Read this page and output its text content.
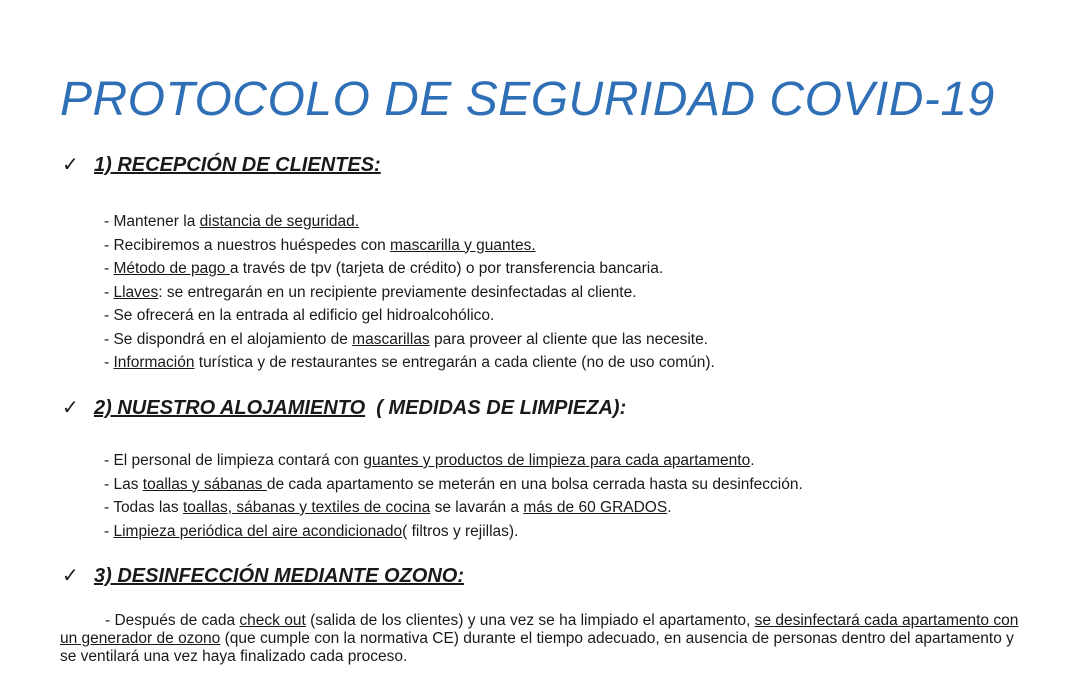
PROTOCOLO DE SEGURIDAD COVID-19
✓ 1) RECEPCIÓN DE CLIENTES:
- Mantener la distancia de seguridad.
- Recibiremos a nuestros huéspedes con mascarilla y guantes.
- Método de pago a través de tpv (tarjeta de crédito) o por transferencia bancaria.
- Llaves: se entregarán en un recipiente previamente desinfectadas al cliente.
- Se ofrecerá en la entrada al edificio gel hidroalcohólico.
- Se dispondrá en el alojamiento de mascarillas para proveer al cliente que las necesite.
- Información turística y de restaurantes se entregarán a cada cliente (no de uso común).
✓ 2) NUESTRO ALOJAMIENTO  ( MEDIDAS DE LIMPIEZA):
- El personal de limpieza contará con guantes y productos de limpieza para cada apartamento.
- Las toallas y sábanas de cada apartamento se meterán en una bolsa cerrada hasta su desinfección.
- Todas las toallas, sábanas y textiles de cocina se lavarán a más de 60 GRADOS.
- Limpieza periódica del aire acondicionado( filtros y rejillas).
✓ 3) DESINFECCIÓN MEDIANTE OZONO:
- Después de cada check out (salida de los clientes) y una vez se ha limpiado el apartamento, se desinfectará cada apartamento con un generador de ozono (que cumple con la normativa CE) durante el tiempo adecuado, en ausencia de personas dentro del apartamento y se ventilará una vez haya finalizado cada proceso.
